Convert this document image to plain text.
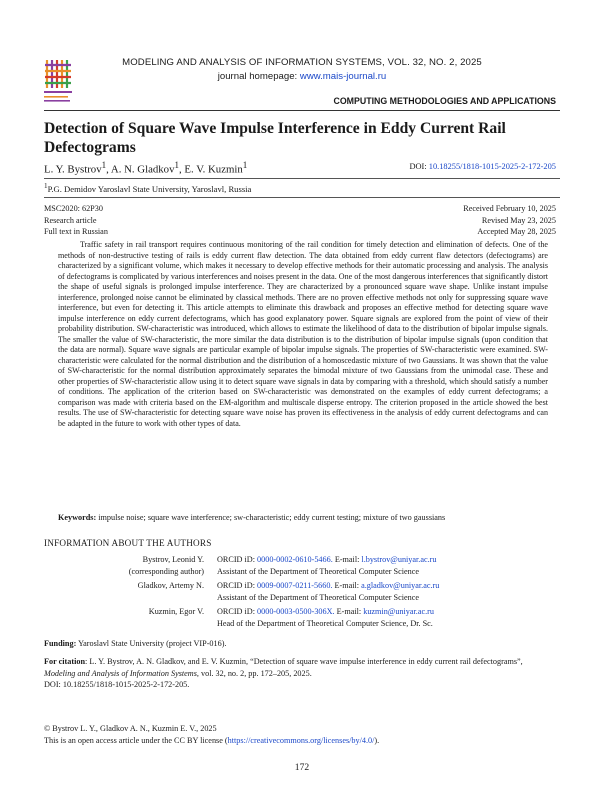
MODELING AND ANALYSIS OF INFORMATION SYSTEMS, VOL. 32, NO. 2, 2025
journal homepage: www.mais-journal.ru
COMPUTING METHODOLOGIES AND APPLICATIONS
Detection of Square Wave Impulse Interference in Eddy Current Rail Defectograms
L. Y. Bystrov$^1$, A. N. Gladkov$^1$, E. V. Kuzmin$^1$	DOI: 10.18255/1818-1015-2025-2-172-205
$^1$P.G. Demidov Yaroslavl State University, Yaroslavl, Russia
MSC2020: 62P30
Research article
Full text in Russian
Received February 10, 2025
Revised May 23, 2025
Accepted May 28, 2025

Traffic safety in rail transport requires continuous monitoring of the rail condition for timely detection and elimination of defects. One of the methods of non-destructive testing of rails is eddy current flaw detection. The data obtained from eddy current flaw detectors (defectograms) are characterized by a significant volume, which makes it necessary to develop effective methods for their automatic processing and analysis. The analysis of defectograms is complicated by various interferences and noises present in the data. One of the most dangerous interferences that significantly distort the shape of useful signals is prolonged impulse interference. They are characterized by a pronounced square wave shape. Unlike instant impulse interference, prolonged noise cannot be eliminated by classical methods. There are no proven effective methods not only for suppressing square wave interference, but even for detecting it. This article attempts to eliminate this drawback and proposes an effective method for detecting square wave impulse interference on eddy current defectograms, which has good explanatory power. Square signals are explored from the point of view of their probability distribution. SW-characteristic was introduced, which allows to estimate the likelihood of data to the distribution of bipolar impulse signals. The smaller the value of SW-characteristic, the more similar the data distribution is to the distribution of bipolar impulse signals (upon condition that the data are normal). Square wave signals are particular example of bipolar impulse signals. The properties of SW-characteristic were examined. SW-characteristic were calculated for the normal distribution and the distribution of a homoscedastic mixture of two Gaussians. It was shown that the value of SW-characteristic for the normal distribution approximately separates the bimodal mixture of two Gaussians from the unimodal case. These and other properties of SW-characteristic allow using it to detect square wave signals in data by comparing with a threshold, which should satisfy a number of conditions. The application of the criterion based on SW-characteristic was demonstrated on the examples of eddy current defectograms; a comparison was made with criteria based on the EM-algorithm and multiscale disperse entropy. The criterion proposed in the article showed the best results. The use of SW-characteristic for detecting square wave noise has proven its effectiveness in the analysis of eddy current defectograms and can be adapted in the future to work with other types of data.

Keywords: impulse noise; square wave interference; sw-characteristic; eddy current testing; mixture of two gaussians
INFORMATION ABOUT THE AUTHORS
Bystrov, Leonid Y.
(corresponding author)
ORCID iD: 0000-0002-0610-5466. E-mail: l.bystrov@uniyar.ac.ru
Assistant of the Department of Theoretical Computer Science
Gladkov, Artemy N. ORCID iD: 0009-0007-0211-5660. E-mail: a.gladkov@uniyar.ac.ru
Assistant of the Department of Theoretical Computer Science
Kuzmin, Egor V. ORCID iD: 0000-0003-0500-306X. E-mail: kuzmin@uniyar.ac.ru
Head of the Department of Theoretical Computer Science, Dr. Sc.
Funding: Yaroslavl State University (project VIP-016).
For citation: L. Y. Bystrov, A. N. Gladkov, and E. V. Kuzmin, “Detection of square wave impulse interference in eddy current rail defectograms”, Modeling and Analysis of Information Systems, vol. 32, no. 2, pp. 172–205, 2025.
DOI: 10.18255/1818-1015-2025-2-172-205.
© Bystrov L. Y., Gladkov A. N., Kuzmin E. V., 2025
This is an open access article under the CC BY license (https://creativecommons.org/licenses/by/4.0/).
172
